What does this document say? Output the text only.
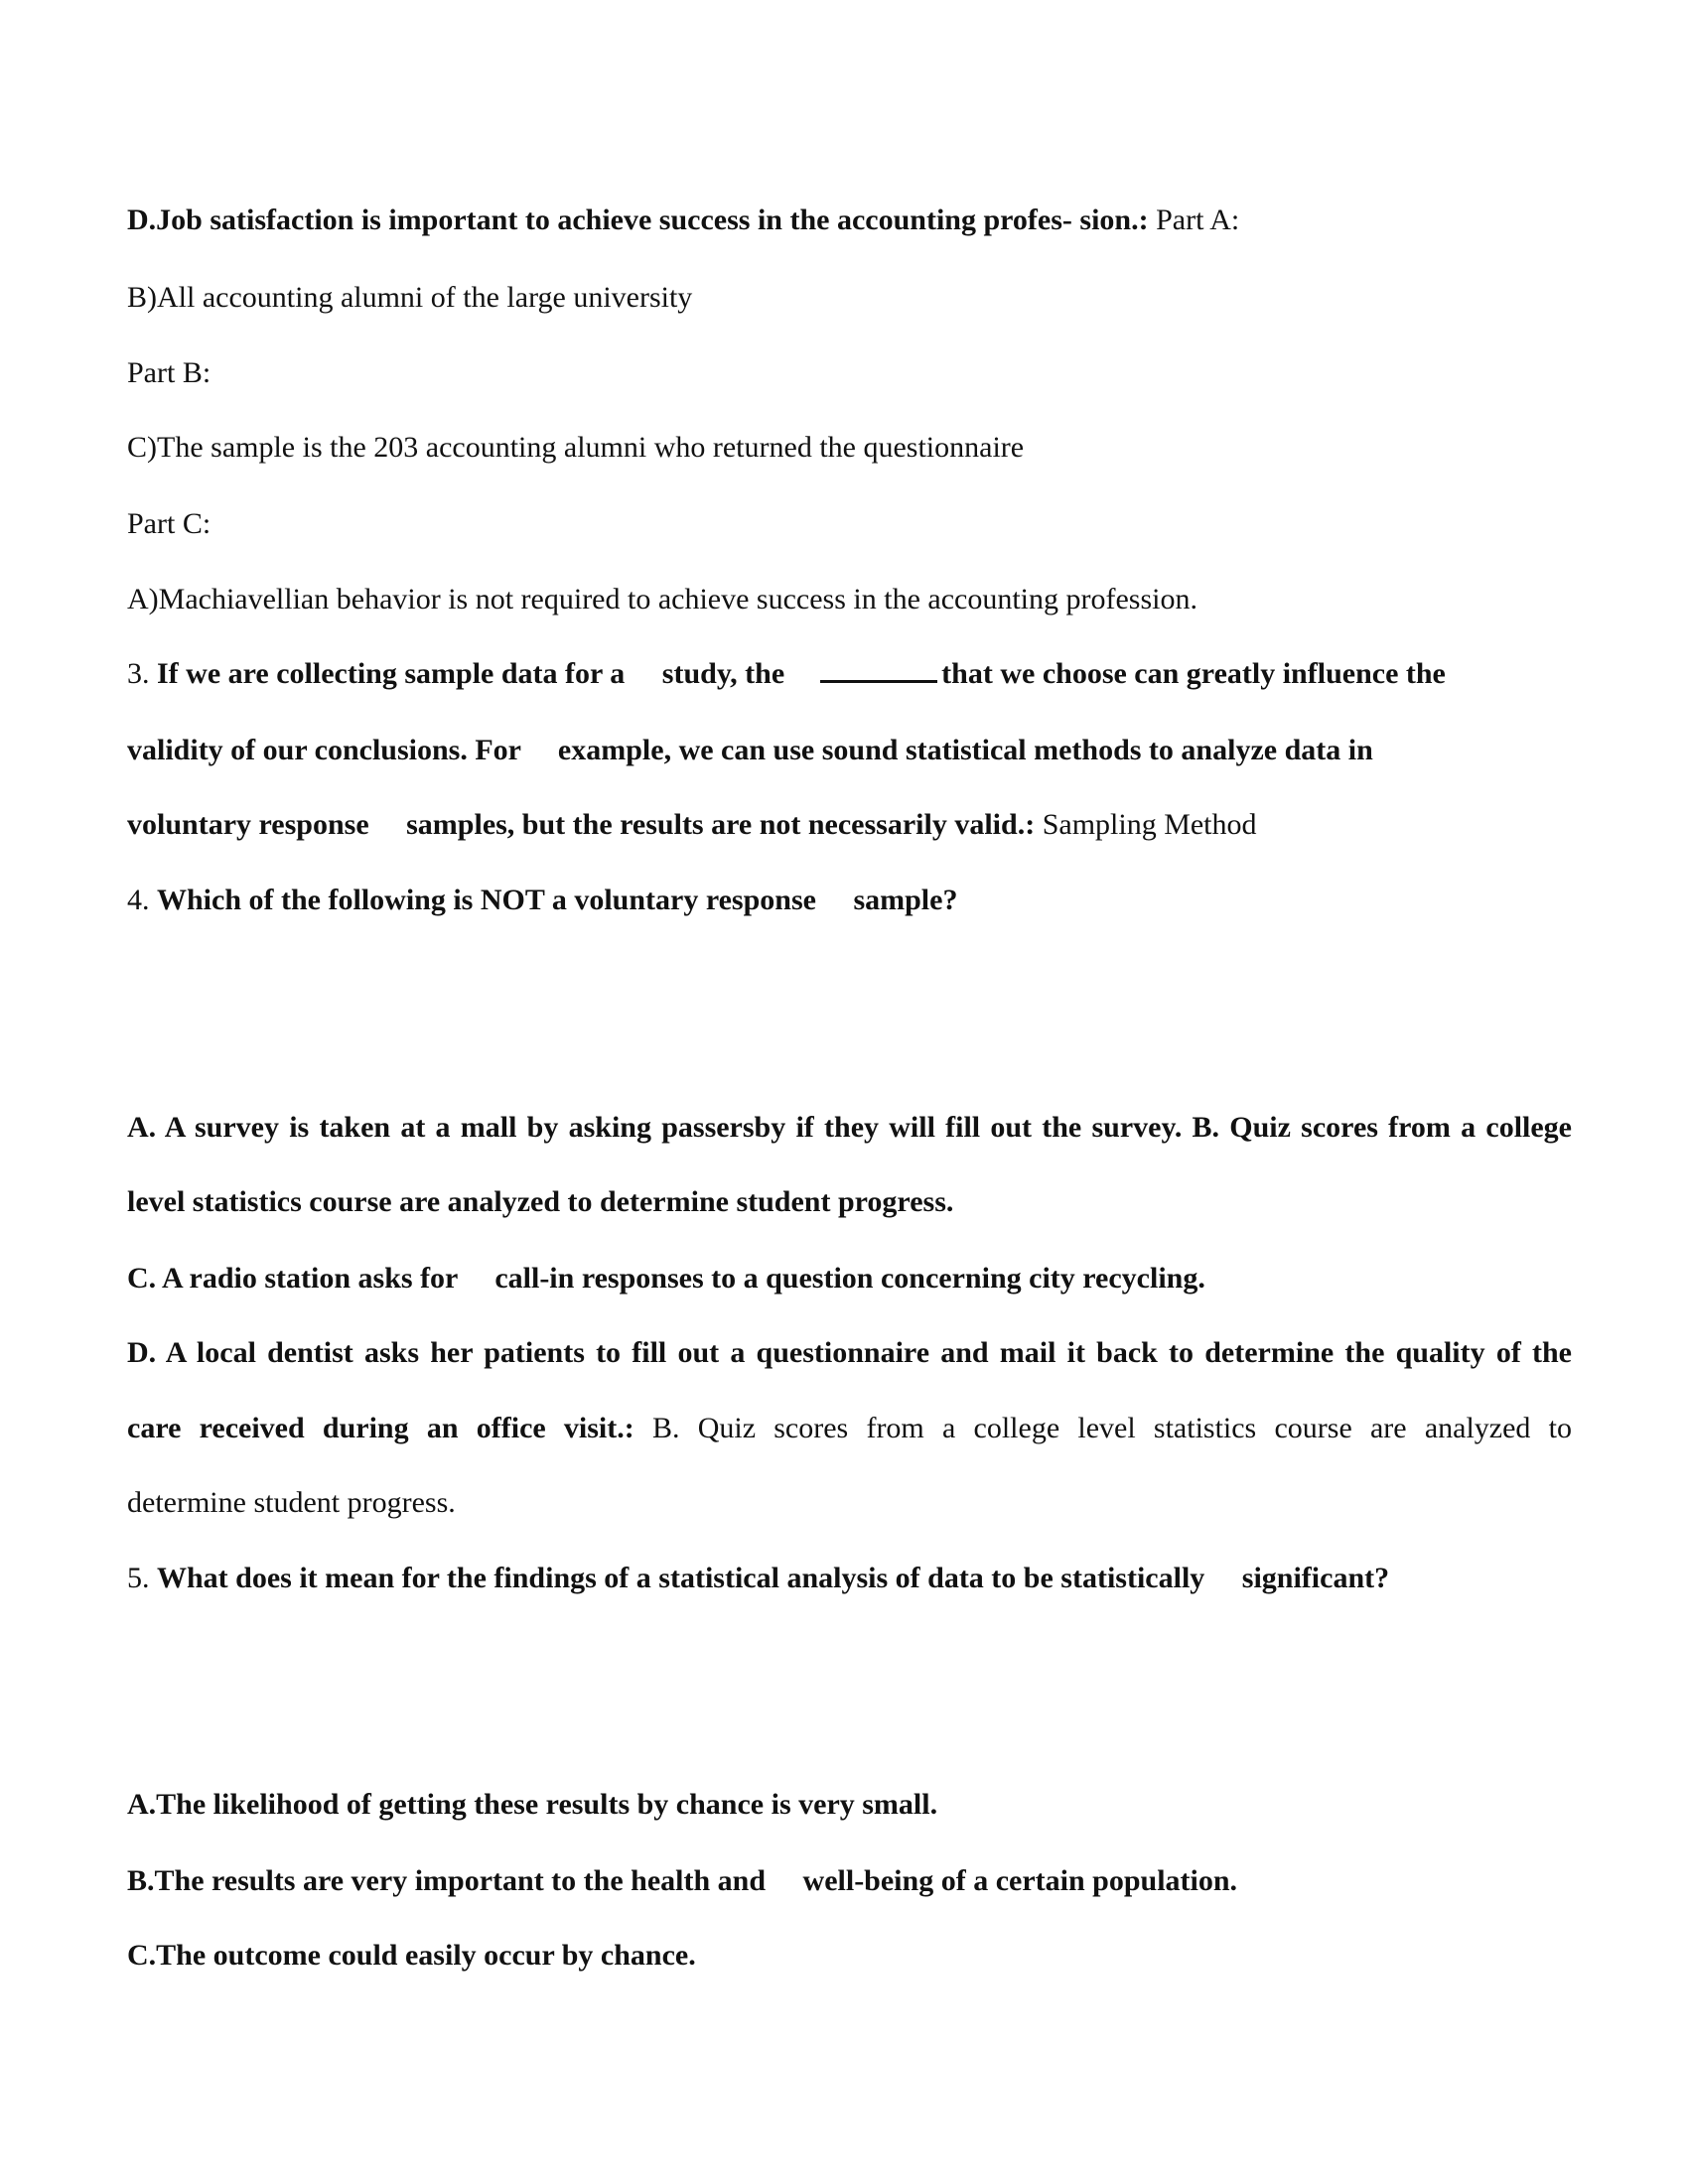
D.Job satisfaction is important to achieve success in the accounting profes- sion.: Part A:
B)All accounting alumni of the large university
Part B:
C)The sample is the 203 accounting alumni who returned the questionnaire
Part C:
A)Machiavellian behavior is not required to achieve success in the accounting profession.
3. If we are collecting sample data for a     study, the	that we choose can greatly influence the
validity of our conclusions. For     example, we can use sound statistical methods to analyze data in
voluntary response     samples, but the results are not necessarily valid.: Sampling Method
4. Which of the following is NOT a voluntary response     sample?
A. A survey is taken at a mall by asking passersby if they will fill out the survey. B. Quiz scores from a college
level statistics course are analyzed to determine student progress.
C. A radio station asks for     call-in responses to a question concerning city recycling.
D. A local dentist asks her patients to fill out a questionnaire and mail it back to determine the quality of the
care received during an office visit.: B. Quiz scores from a college level statistics course are analyzed to
determine student progress.
5. What does it mean for the findings of a statistical analysis of data to be statistically     significant?
A.The likelihood of getting these results by chance is very small.
B.The results are very important to the health and     well-being of a certain population.
C.The outcome could easily occur by chance.
